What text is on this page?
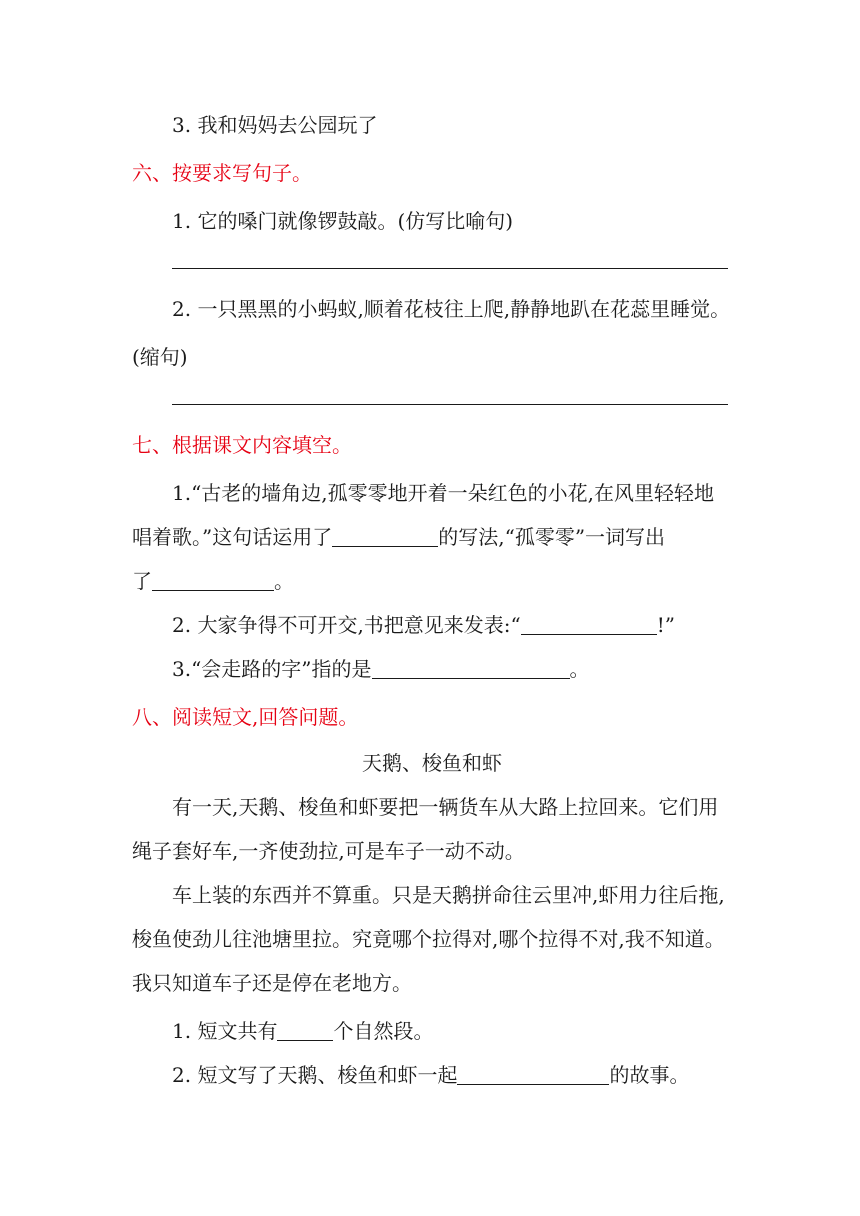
3. 我和妈妈去公园玩了
六、按要求写句子。
1. 它的嗓门就像锣鼓敲。(仿写比喻句)
2. 一只黑黑的小蚂蚁,顺着花枝往上爬,静静地趴在花蕊里睡觉。
(缩句)
七、根据课文内容填空。
1.“古老的墙角边,孤零零地开着一朵红色的小花,在风里轻轻地
唱着歌。”这句话运用了	的写法,“孤零零”一词写出
了	。
2. 大家争得不可开交,书把意见来发表:“	!”
3.“会走路的字”指的是	。
八、阅读短文,回答问题。
天鹅、梭鱼和虾
有一天,天鹅、梭鱼和虾要把一辆货车从大路上拉回来。它们用
绳子套好车,一齐使劲拉,可是车子一动不动。
车上装的东西并不算重。只是天鹅拼命往云里冲,虾用力往后拖,
梭鱼使劲儿往池塘里拉。究竟哪个拉得对,哪个拉得不对,我不知道。
我只知道车子还是停在老地方。
1. 短文共有	个自然段。
2. 短文写了天鹅、梭鱼和虾一起	的故事。
